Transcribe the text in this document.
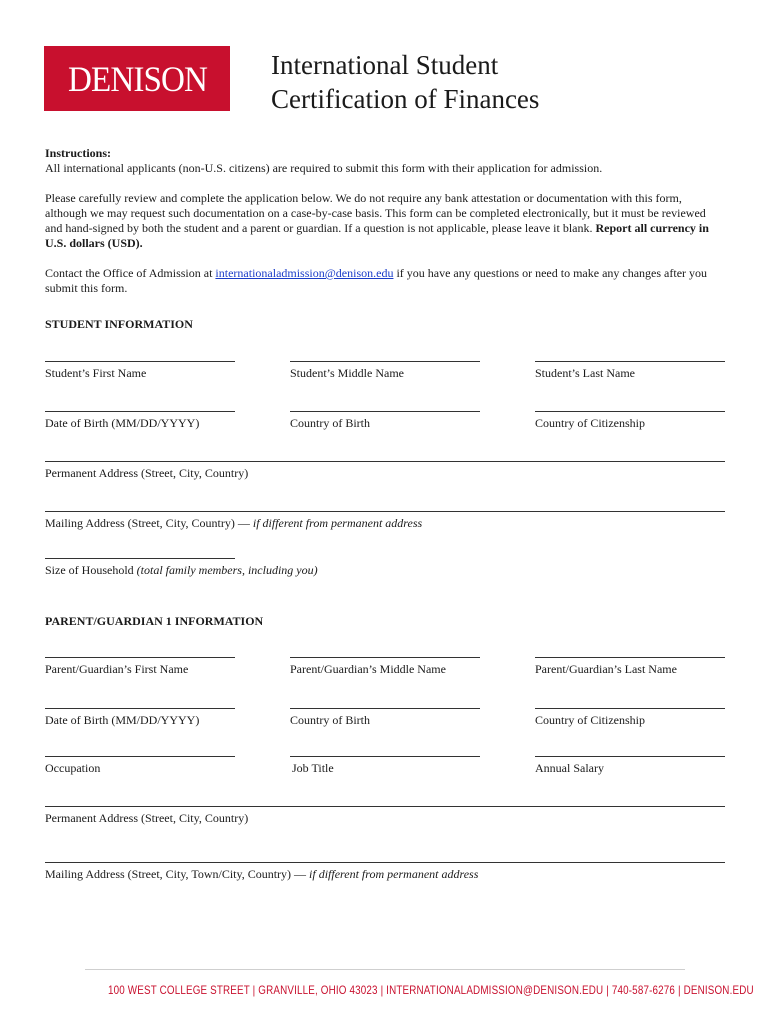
DENISON International Student
Certification of Finances

Instructions:

All international applicants (non-U.S. citizens) are required to submit this form with their application for admission.

Please carefully review and complete the application below. We do not require any bank attestation or documentation with this form, although we may request such documentation on a case-by-case basis. This form can be completed electronically, but it must be reviewed and hand-signed by both the student and a parent or guardian. If a question is not applicable, please leave it blank. Report all currency in U.S. dollars (USD).

Contact the Office of Admission at internationaladmission@denison.edu if you have any questions or need to make any changes after you submit this form.

STUDENT INFORMATION
Student’s First Name	Student’s Middle Name	Student’s Last Name
Date of Birth (MM/DD/YYYY)	Country of Birth	Country of Citizenship
Permanent Address (Street, City, Country)
Mailing Address (Street, City, Country) — if different from permanent address
Size of Household (total family members, including you)
PARENT/GUARDIAN 1 INFORMATION
Parent/Guardian’s First Name	Parent/Guardian’s Middle Name	Parent/Guardian’s Last Name
Date of Birth (MM/DD/YYYY)	Country of Birth	Country of Citizenship
Occupation	Job Title	Annual Salary
Permanent Address (Street, City, Country)
Mailing Address (Street, City, Town/City, Country) — if different from permanent address
100 WEST COLLEGE STREET | GRANVILLE, OHIO 43023 | INTERNATIONALADMISSION@DENISON.EDU | 740-587-6276 | DENISON.EDU
